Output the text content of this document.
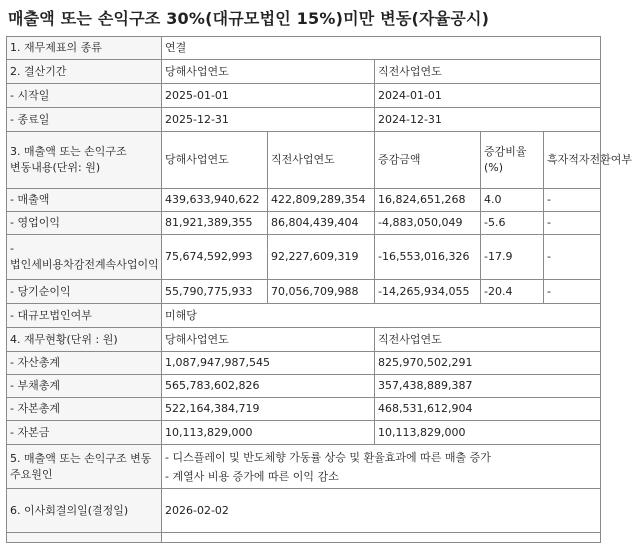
매출액 또는 손익구조 30%(대규모법인 15%)미만 변동(자율공시)
1. 재무제표의 종류	연결				
2. 결산기간	당해사업연도		직전사업연도		
- 시작일	2025-01-01		2024-01-01		
- 종료일	2025-12-31		2024-12-31		
3. 매출액 또는 손익구조 변동내용(단위: 원)	당해사업연도	직전사업연도	증감금액	증감비율(%)	흑자적자전환여부
- 매출액	439,633,940,622	422,809,289,354	16,824,651,268	4.0	-
- 영업이익	81,921,389,355	86,804,439,404	-4,883,050,049	-5.6	-
- 법인세비용차감전계속사업이익	75,674,592,993	92,227,609,319	-16,553,016,326	-17.9	-
- 당기순이익	55,790,775,933	70,056,709,988	-14,265,934,055	-20.4	-
- 대규모법인여부	미해당				
4. 재무현황(단위 : 원)	당해사업연도		직전사업연도		
- 자산총계	1,087,947,987,545		825,970,502,291		
- 부채총계	565,783,602,826		357,438,889,387		
- 자본총계	522,164,384,719		468,531,612,904		
- 자본금	10,113,829,000		10,113,829,000		
5. 매출액 또는 손익구조 변동 주요원인	- 디스플레이 및 반도체향 가동률 상승 및 환율효과에 따른 매출 증가
- 계열사 비용 증가에 따른 이익 감소				

6. 이사회결의일(결정일)	2026-02-02				
